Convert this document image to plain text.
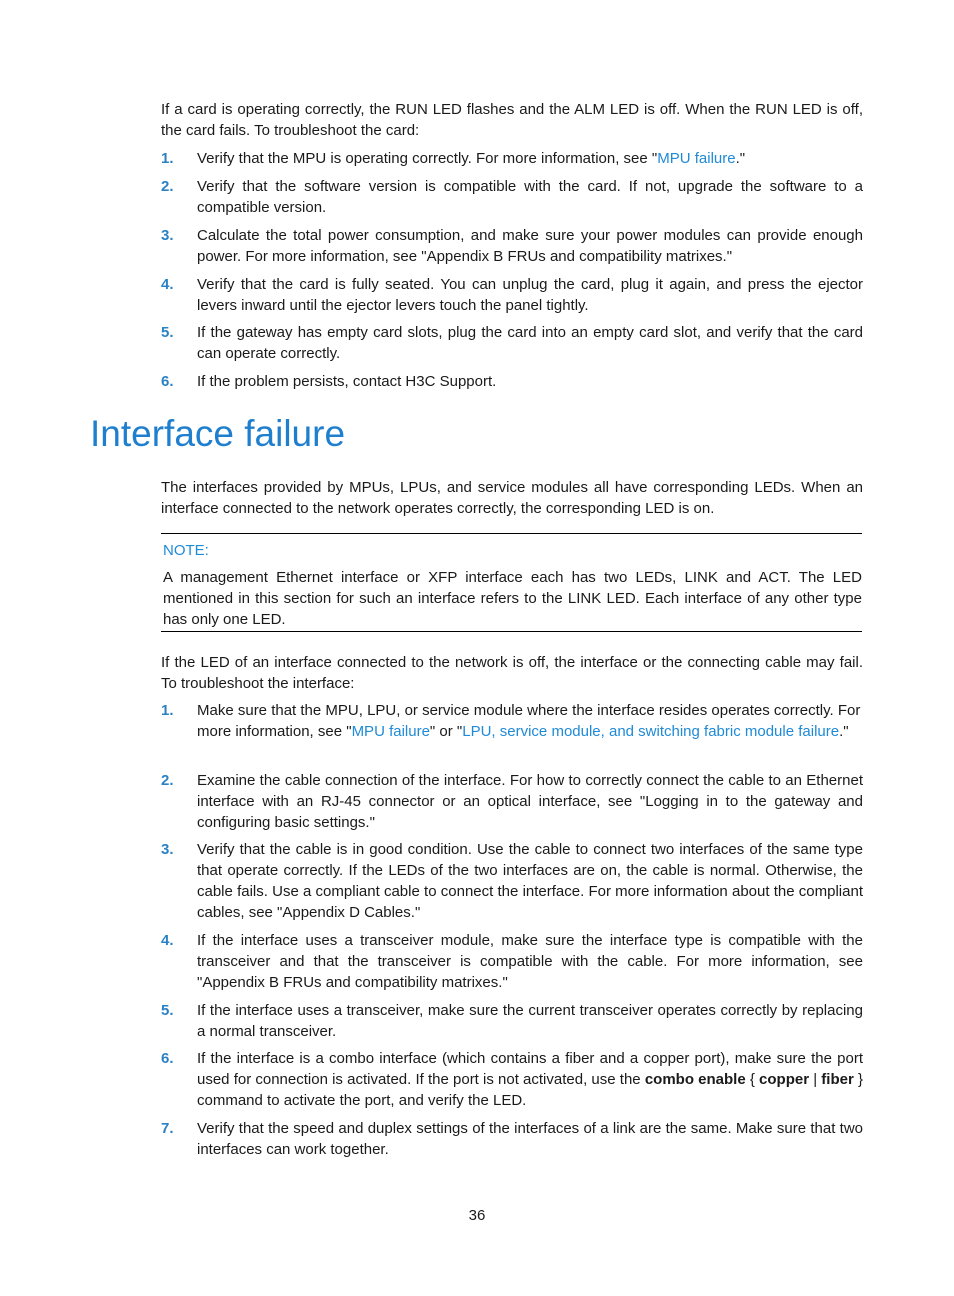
If a card is operating correctly, the RUN LED flashes and the ALM LED is off. When the RUN LED is off, the card fails. To troubleshoot the card:

1. Verify that the MPU is operating correctly. For more information, see "MPU failure."
2. Verify that the software version is compatible with the card. If not, upgrade the software to a compatible version.
3. Calculate the total power consumption, and make sure your power modules can provide enough power. For more information, see "Appendix B FRUs and compatibility matrixes."
4. Verify that the card is fully seated. You can unplug the card, plug it again, and press the ejector levers inward until the ejector levers touch the panel tightly.
5. If the gateway has empty card slots, plug the card into an empty card slot, and verify that the card can operate correctly.
6. If the problem persists, contact H3C Support.
Interface failure

The interfaces provided by MPUs, LPUs, and service modules all have corresponding LEDs. When an interface connected to the network operates correctly, the corresponding LED is on.

NOTE:
A management Ethernet interface or XFP interface each has two LEDs, LINK and ACT. The LED mentioned in this section for such an interface refers to the LINK LED. Each interface of any other type has only one LED.

If the LED of an interface connected to the network is off, the interface or the connecting cable may fail. To troubleshoot the interface:

1. Make sure that the MPU, LPU, or service module where the interface resides operates correctly. For more information, see "MPU failure" or "LPU, service module, and switching fabric module failure."
2. Examine the cable connection of the interface. For how to correctly connect the cable to an Ethernet interface with an RJ-45 connector or an optical interface, see "Logging in to the gateway and configuring basic settings."
3. Verify that the cable is in good condition. Use the cable to connect two interfaces of the same type that operate correctly. If the LEDs of the two interfaces are on, the cable is normal. Otherwise, the cable fails. Use a compliant cable to connect the interface. For more information about the compliant cables, see "Appendix D Cables."
4. If the interface uses a transceiver module, make sure the interface type is compatible with the transceiver and that the transceiver is compatible with the cable. For more information, see "Appendix B FRUs and compatibility matrixes."
5. If the interface uses a transceiver, make sure the current transceiver operates correctly by replacing a normal transceiver.
6. If the interface is a combo interface (which contains a fiber and a copper port), make sure the port used for connection is activated. If the port is not activated, use the combo enable { copper | fiber } command to activate the port, and verify the LED.
7. Verify that the speed and duplex settings of the interfaces of a link are the same. Make sure that two interfaces can work together.
36
